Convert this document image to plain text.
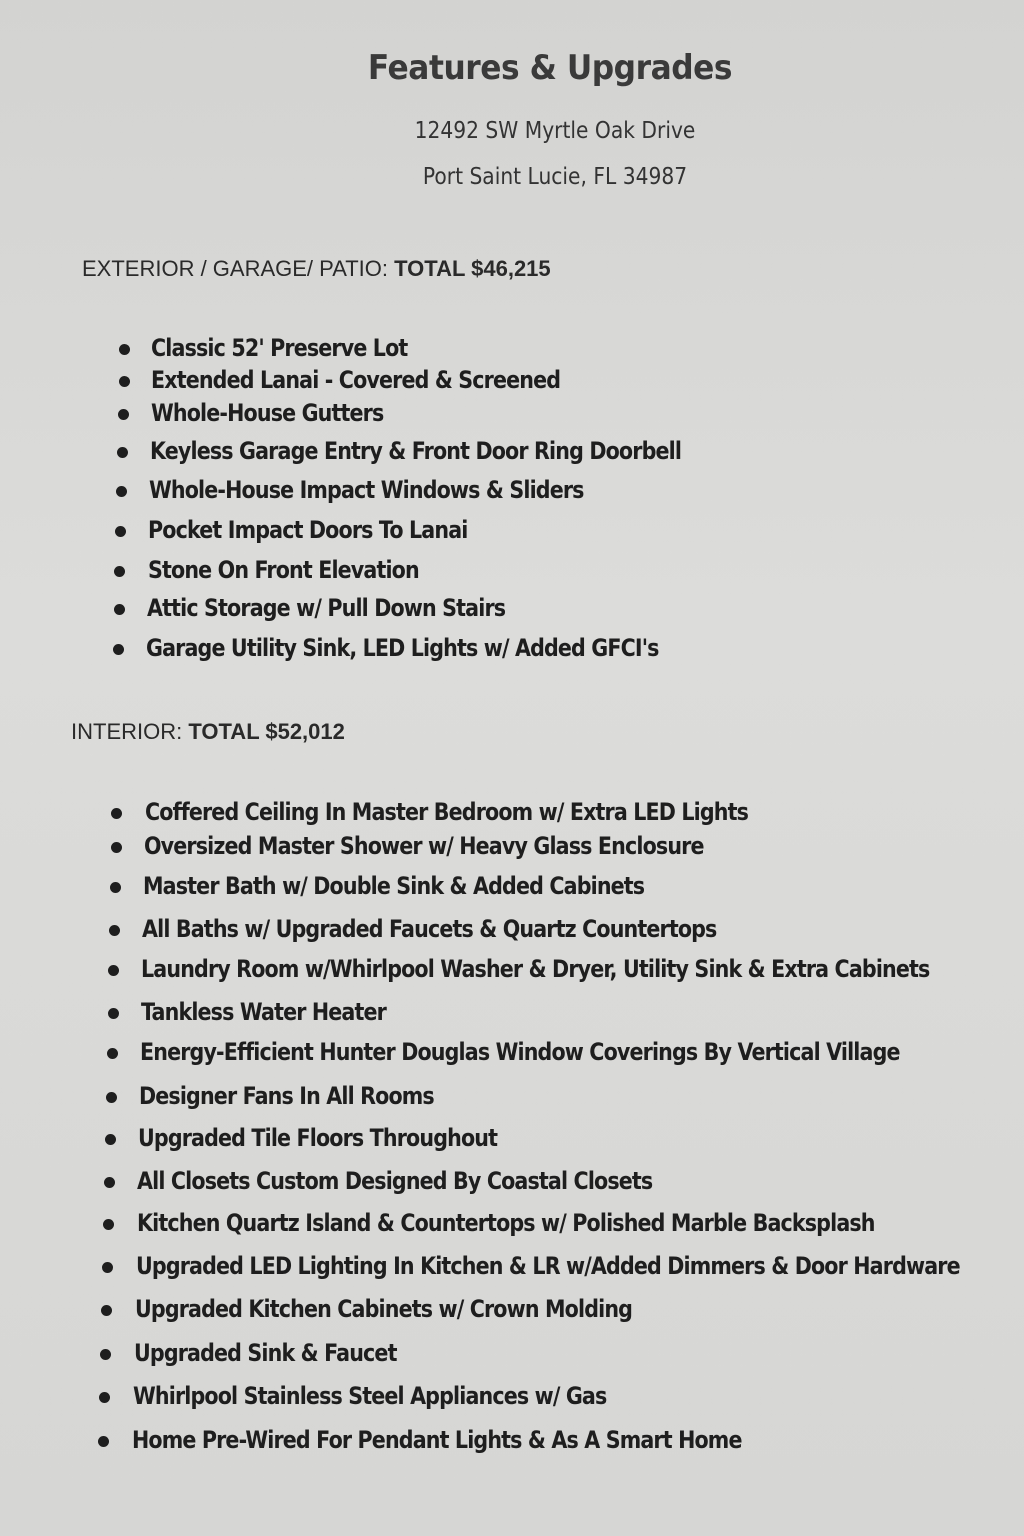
Features & Upgrades
12492 SW Myrtle Oak Drive
Port Saint Lucie, FL 34987
EXTERIOR / GARAGE/ PATIO: TOTAL $46,215
Classic 52' Preserve Lot
Extended Lanai - Covered & Screened
Whole-House Gutters
Keyless Garage Entry & Front Door Ring Doorbell
Whole-House Impact Windows & Sliders
Pocket Impact Doors To Lanai
Stone On Front Elevation
Attic Storage w/ Pull Down Stairs
Garage Utility Sink, LED Lights w/ Added GFCI's
INTERIOR: TOTAL $52,012
Coffered Ceiling In Master Bedroom w/ Extra LED Lights
Oversized Master Shower w/ Heavy Glass Enclosure
Master Bath w/ Double Sink & Added Cabinets
All Baths w/ Upgraded Faucets & Quartz Countertops
Laundry Room w/Whirlpool Washer & Dryer, Utility Sink & Extra Cabinets
Tankless Water Heater
Energy-Efficient Hunter Douglas Window Coverings By Vertical Village
Designer Fans In All Rooms
Upgraded Tile Floors Throughout
All Closets Custom Designed By Coastal Closets
Kitchen Quartz Island & Countertops w/ Polished Marble Backsplash
Upgraded LED Lighting In Kitchen & LR w/Added Dimmers & Door Hardware
Upgraded Kitchen Cabinets w/ Crown Molding
Upgraded Sink & Faucet
Whirlpool Stainless Steel Appliances w/ Gas
Home Pre-Wired For Pendant Lights & As A Smart Home
